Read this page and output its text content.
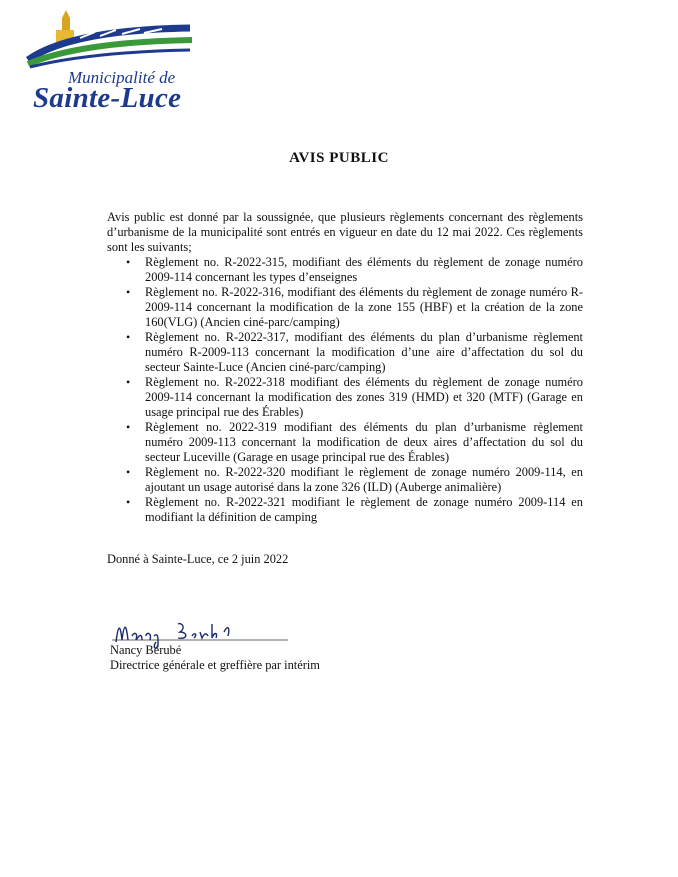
Municipalité de
Sainte-Luce
AVIS PUBLIC

Avis public est donné par la soussignée, que plusieurs règlements concernant des règlements d’urbanisme de la municipalité sont entrés en vigueur en date du 12 mai 2022. Ces règlements sont les suivants;

• Règlement no. R-2022-315, modifiant des éléments du règlement de zonage numéro 2009-114 concernant les types d’enseignes
• Règlement no. R-2022-316, modifiant des éléments du règlement de zonage numéro R-2009-114 concernant la modification de la zone 155 (HBF) et la création de la zone 160(VLG) (Ancien ciné-parc/camping)
• Règlement no. R-2022-317, modifiant des éléments du plan d’urbanisme règlement numéro R-2009-113 concernant la modification d’une aire d’affectation du sol du secteur Sainte-Luce (Ancien ciné-parc/camping)
• Règlement no. R-2022-318 modifiant des éléments du règlement de zonage numéro 2009-114 concernant la modification des zones 319 (HMD) et 320 (MTF) (Garage en usage principal rue des Érables)
• Règlement no. 2022-319 modifiant des éléments du plan d’urbanisme règlement numéro 2009-113 concernant la modification de deux aires d’affectation du sol du secteur Luceville (Garage en usage principal rue des Érables)
• Règlement no. R-2022-320 modifiant le règlement de zonage numéro 2009-114, en ajoutant un usage autorisé dans la zone 326 (ILD) (Auberge animalière)
• Règlement no. R-2022-321 modifiant le règlement de zonage numéro 2009-114 en modifiant la définition de camping
Donné à Sainte-Luce, ce 2 juin 2022
Nancy Bérubé
Directrice générale et greffière par intérim
